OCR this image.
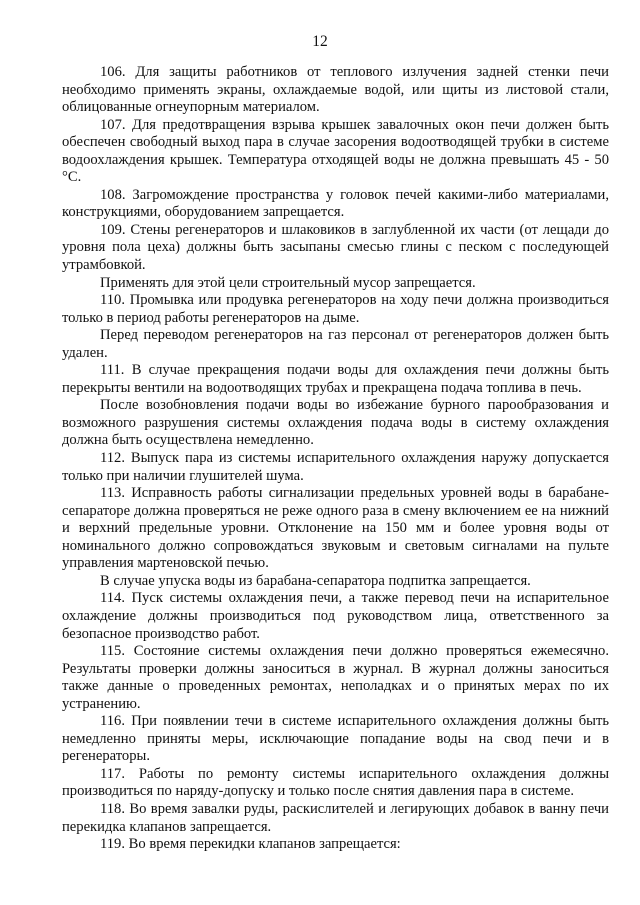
12

106. Для защиты работников от теплового излучения задней стенки печи необходимо применять экраны, охлаждаемые водой, или щиты из листовой стали, облицованные огнеупорным материалом.

107. Для предотвращения взрыва крышек завалочных окон печи должен быть обеспечен свободный выход пара в случае засорения водоотводящей трубки в системе водоохлаждения крышек. Температура отходящей воды не должна превышать 45 - 50 °С.

108. Загромождение пространства у головок печей какими-либо материалами, конструкциями, оборудованием запрещается.

109. Стены регенераторов и шлаковиков в заглубленной их части (от лещади до уровня пола цеха) должны быть засыпаны смесью глины с песком с последующей утрамбовкой.

Применять для этой цели строительный мусор запрещается.

110. Промывка или продувка регенераторов на ходу печи должна производиться только в период работы регенераторов на дыме.

Перед переводом регенераторов на газ персонал от регенераторов должен быть удален.

111. В случае прекращения подачи воды для охлаждения печи должны быть перекрыты вентили на водоотводящих трубах и прекращена подача топлива в печь.

После возобновления подачи воды во избежание бурного парообразования и возможного разрушения системы охлаждения подача воды в систему охлаждения должна быть осуществлена немедленно.

112. Выпуск пара из системы испарительного охлаждения наружу допускается только при наличии глушителей шума.

113. Исправность работы сигнализации предельных уровней воды в барабане-сепараторе должна проверяться не реже одного раза в смену включением ее на нижний и верхний предельные уровни. Отклонение на 150 мм и более уровня воды от номинального должно сопровождаться звуковым и световым сигналами на пульте управления мартеновской печью.

В случае упуска воды из барабана-сепаратора подпитка запрещается.

114. Пуск системы охлаждения печи, а также перевод печи на испарительное охлаждение должны производиться под руководством лица, ответственного за безопасное производство работ.

115. Состояние системы охлаждения печи должно проверяться ежемесячно. Результаты проверки должны заноситься в журнал. В журнал должны заноситься также данные о проведенных ремонтах, неполадках и о принятых мерах по их устранению.

116. При появлении течи в системе испарительного охлаждения должны быть немедленно приняты меры, исключающие попадание воды на свод печи и в регенераторы.

117. Работы по ремонту системы испарительного охлаждения должны производиться по наряду-допуску и только после снятия давления пара в системе.

118. Во время завалки руды, раскислителей и легирующих добавок в ванну печи перекидка клапанов запрещается.

119. Во время перекидки клапанов запрещается:
